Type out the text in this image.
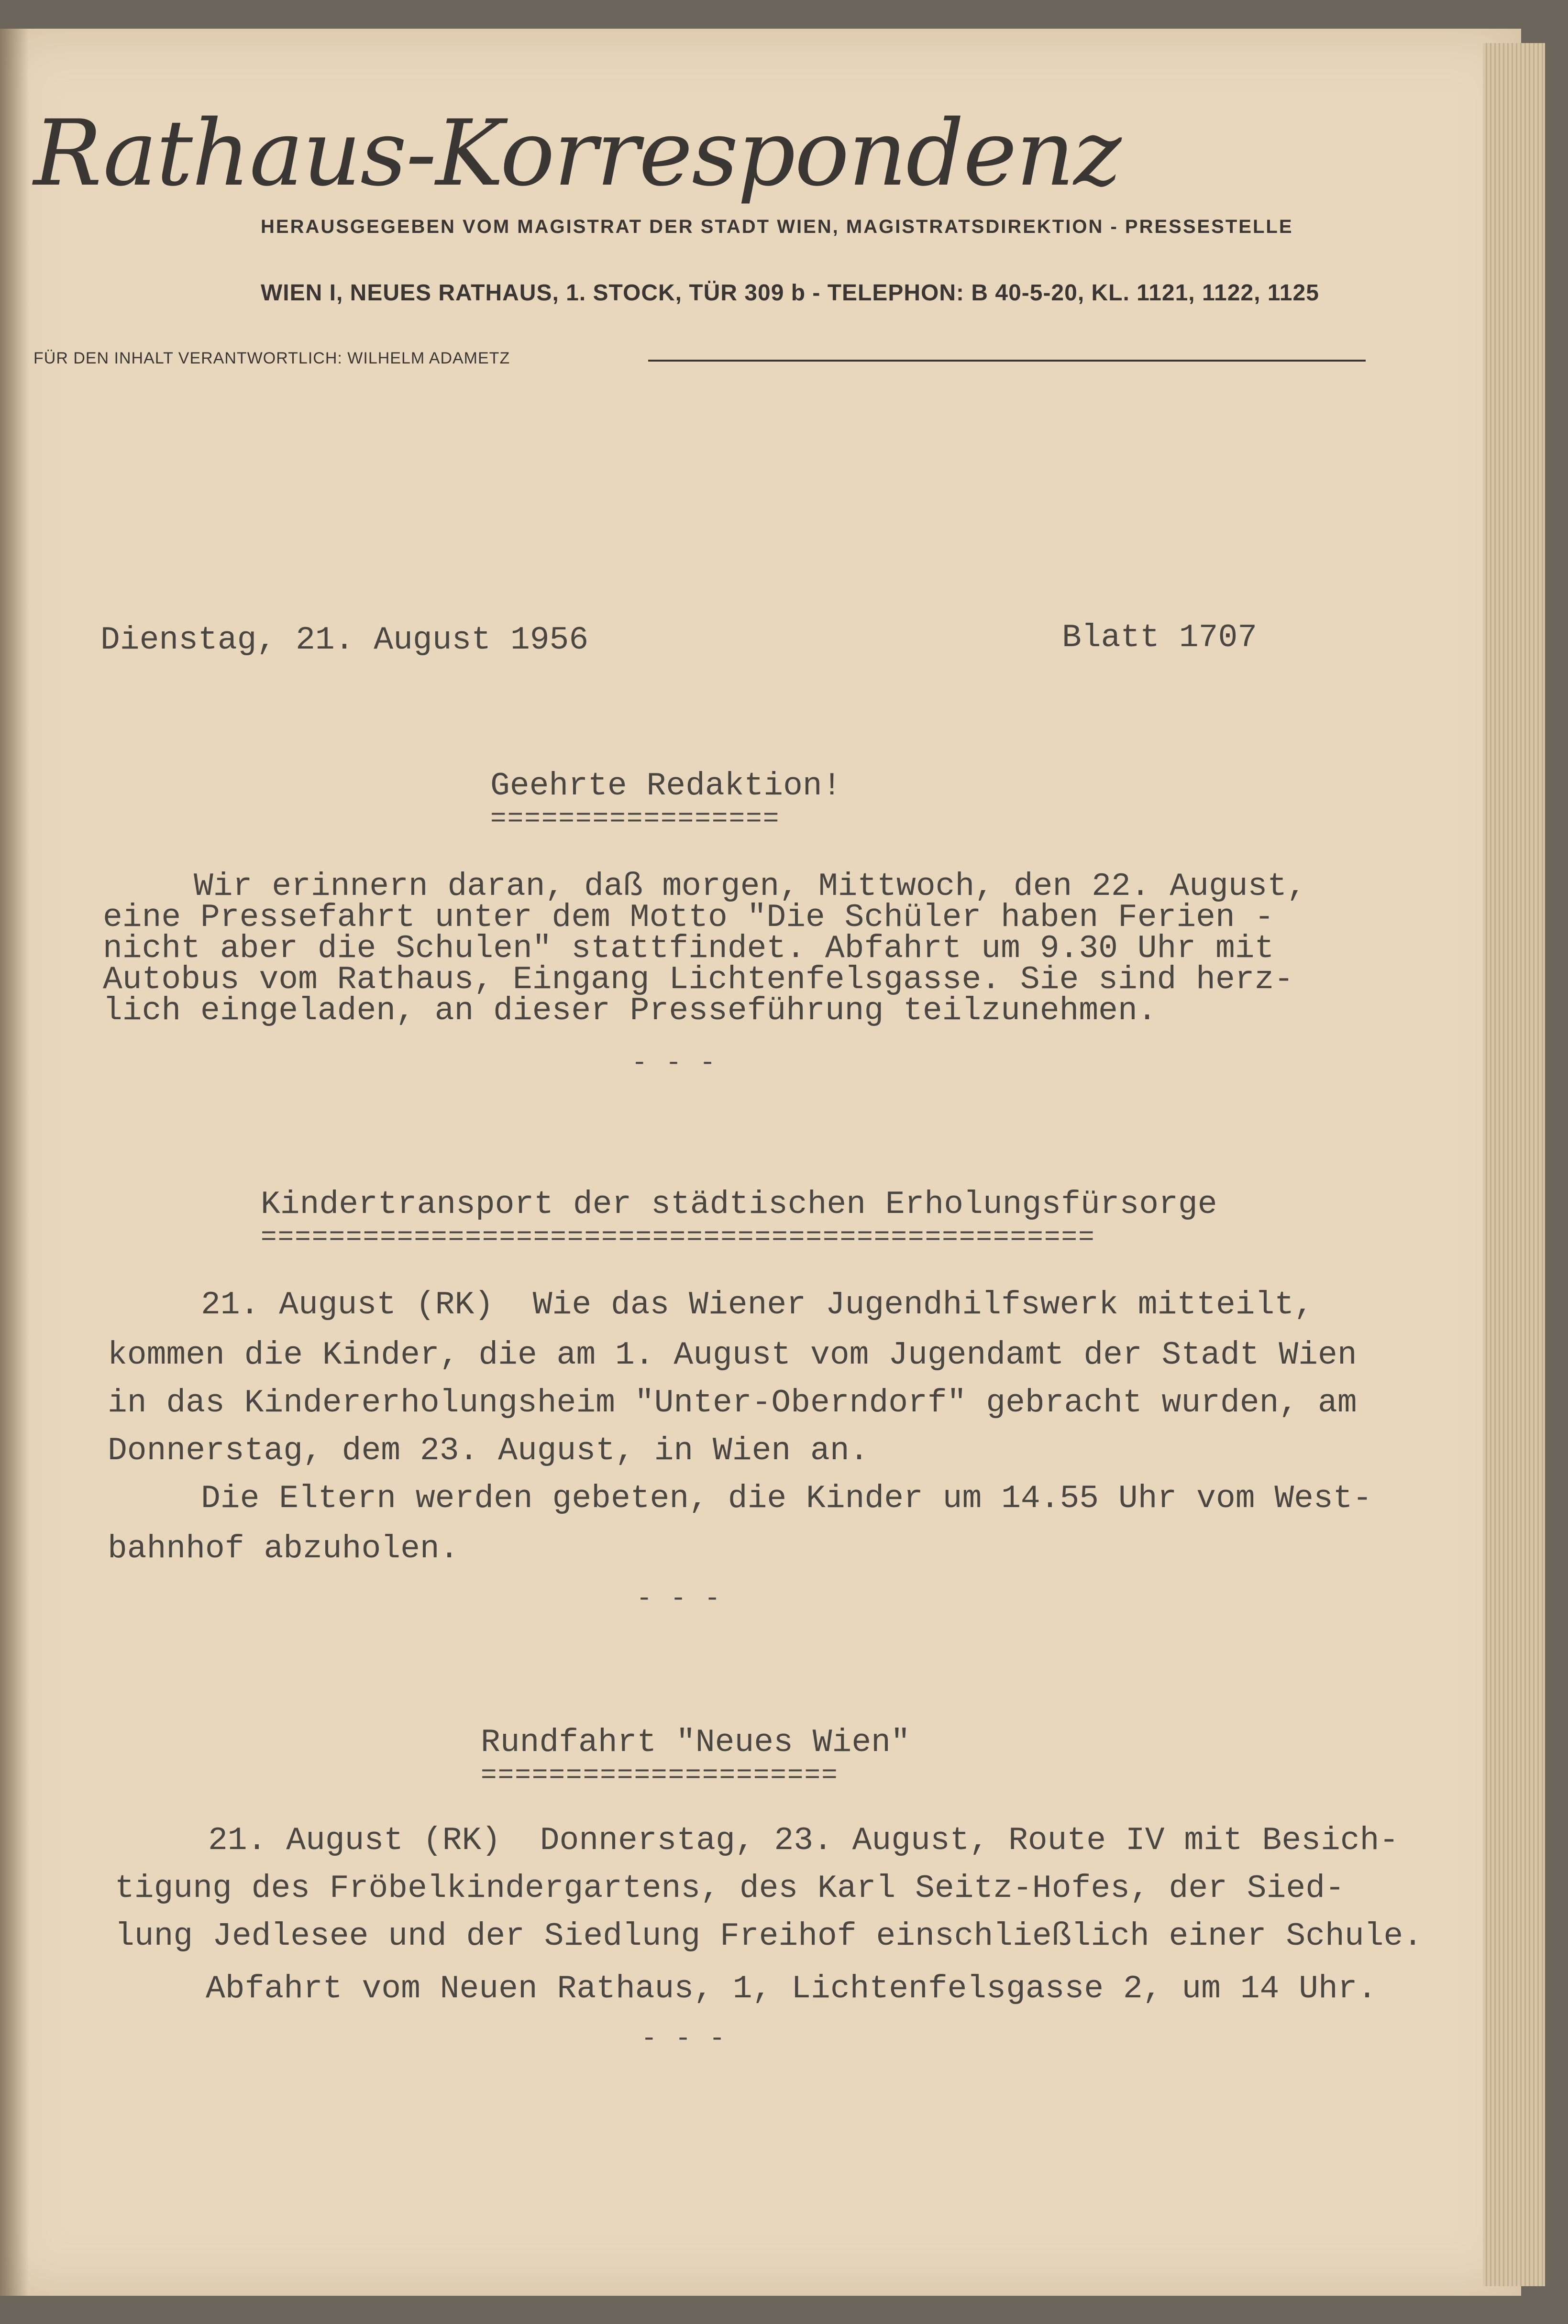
Rathaus-Korrespondenz
HERAUSGEGEBEN VOM MAGISTRAT DER STADT WIEN, MAGISTRATSDIREKTION - PRESSESTELLE
WIEN I, NEUES RATHAUS, 1. STOCK, TÜR 309 b - TELEPHON: B 40-5-20, KL. 1121, 1122, 1125
FÜR DEN INHALT VERANTWORTLICH: WILHELM ADAMETZ
Dienstag, 21. August 1956	Blatt 1707
Geehrte Redaktion!
=================
Wir erinnern daran, daß morgen, Mittwoch, den 22. August,
eine Pressefahrt unter dem Motto "Die Schüler haben Ferien -
nicht aber die Schulen" stattfindet. Abfahrt um 9.30 Uhr mit
Autobus vom Rathaus, Eingang Lichtenfelsgasse. Sie sind herz-
lich eingeladen, an dieser Presseführung teilzunehmen.
- - -
Kindertransport der städtischen Erholungsfürsorge
=================================================
21. August (RK)  Wie das Wiener Jugendhilfswerk mitteilt,
kommen die Kinder, die am 1. August vom Jugendamt der Stadt Wien
in das Kindererholungsheim "Unter-Oberndorf" gebracht wurden, am
Donnerstag, dem 23. August, in Wien an.
Die Eltern werden gebeten, die Kinder um 14.55 Uhr vom West-
bahnhof abzuholen.
- - -
Rundfahrt "Neues Wien"
=====================
21. August (RK)  Donnerstag, 23. August, Route IV mit Besich-
tigung des Fröbelkindergartens, des Karl Seitz-Hofes, der Sied-
lung Jedlesee und der Siedlung Freihof einschließlich einer Schule.
Abfahrt vom Neuen Rathaus, 1, Lichtenfelsgasse 2, um 14 Uhr.
- - -
